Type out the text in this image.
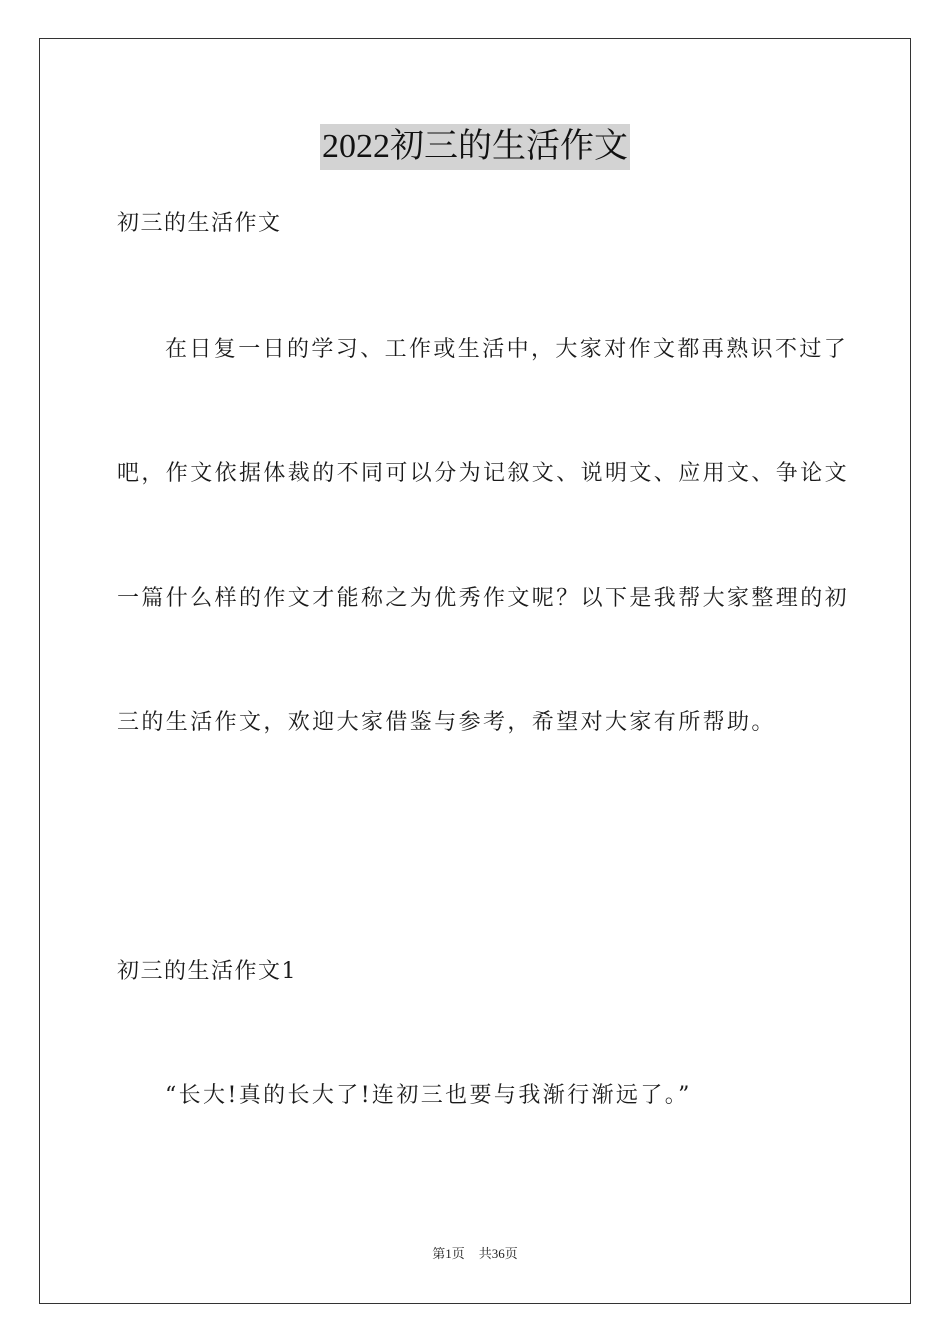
2022初三的生活作文
初三的生活作文
在日复一日的学习、工作或生活中，大家对作文都再熟识不过了
吧，作文依据体裁的不同可以分为记叙文、说明文、应用文、争论文
一篇什么样的作文才能称之为优秀作文呢？以下是我帮大家整理的初
三的生活作文，欢迎大家借鉴与参考，希望对大家有所帮助。
初三的生活作文1
“长大!真的长大了!连初三也要与我渐行渐远了。”
第1页 共36页
